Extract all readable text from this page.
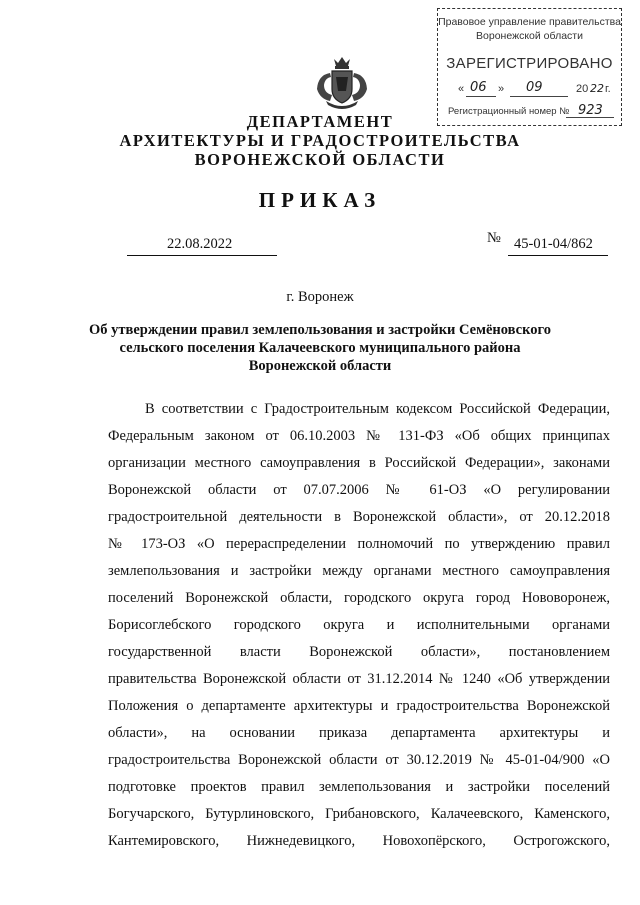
Правовое управление правительства
Воронежской области
ЗАРЕГИСТРИРОВАНО
« 06 » 09	20 22 г.
Регистрационный номер № 923
ДЕПАРТАМЕНТ
АРХИТЕКТУРЫ И ГРАДОСТРОИТЕЛЬСТВА
ВОРОНЕЖСКОЙ ОБЛАСТИ
ПРИКАЗ
22.08.2022	№ 45-01-04/862
г. Воронеж
Об утверждении правил землепользования и застройки Семёновского
сельского поселения Калачеевского муниципального района
Воронежской области
В соответствии с Градостроительным кодексом Российской Федерации,
Федеральным законом от 06.10.2003 № 131-ФЗ «Об общих принципах
организации местного самоуправления в Российской Федерации», законами
Воронежской области от 07.07.2006 № 61-ОЗ «О регулировании
градостроительной деятельности в Воронежской области», от 20.12.2018
№ 173-ОЗ «О перераспределении полномочий по утверждению правил
землепользования и застройки между органами местного самоуправления
поселений Воронежской области, городского округа город Нововоронеж,
Борисоглебского городского округа и исполнительными органами
государственной власти Воронежской области», постановлением
правительства Воронежской области от 31.12.2014 № 1240 «Об утверждении
Положения о департаменте архитектуры и градостроительства Воронежской
области», на основании приказа департамента архитектуры и
градостроительства Воронежской области от 30.12.2019 № 45-01-04/900 «О
подготовке проектов правил землепользования и застройки поселений
Богучарского, Бутурлиновского, Грибановского, Калачеевского, Каменского,
Кантемировского, Нижнедевицкого, Новохопёрского, Острогожского,
